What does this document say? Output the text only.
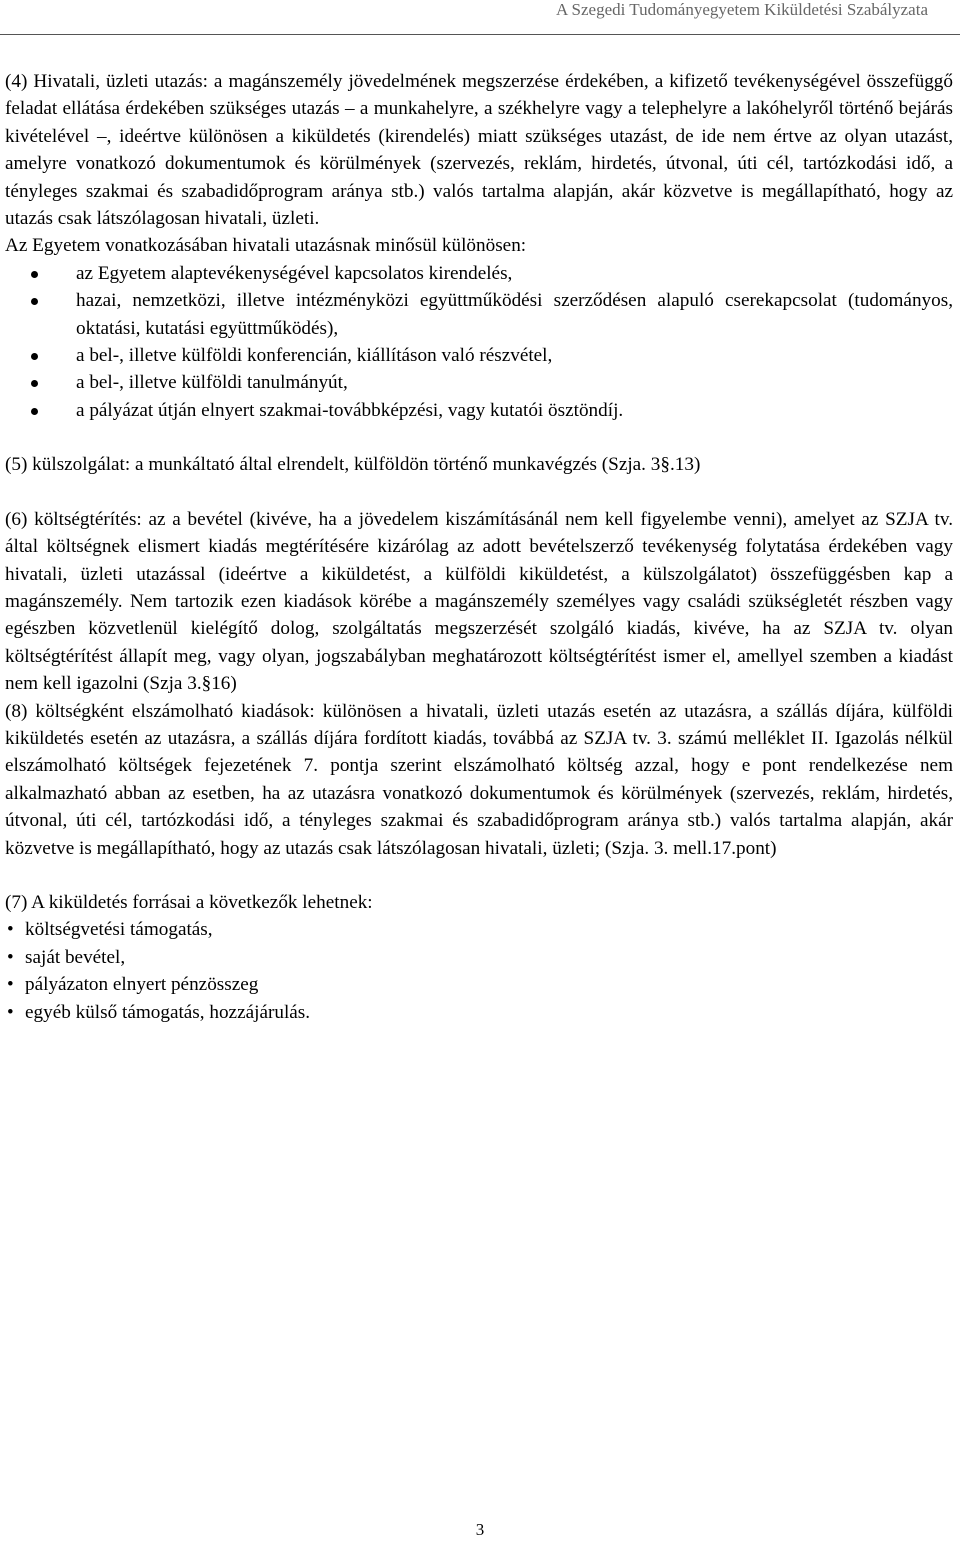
A Szegedi Tudományegyetem Kiküldetési Szabályzata

(4) Hivatali, üzleti utazás: a magánszemély jövedelmének megszerzése érdekében, a kifizető tevékenységével összefüggő feladat ellátása érdekében szükséges utazás – a munkahelyre, a székhelyre vagy a telephelyre a lakóhelyről történő bejárás kivételével –, ideértve különösen a kiküldetés (kirendelés) miatt szükséges utazást, de ide nem értve az olyan utazást, amelyre vonatkozó dokumentumok és körülmények (szervezés, reklám, hirdetés, útvonal, úti cél, tartózkodási idő, a tényleges szakmai és szabadidőprogram aránya stb.) valós tartalma alapján, akár közvetve is megállapítható, hogy az utazás csak látszólagosan hivatali, üzleti.

Az Egyetem vonatkozásában hivatali utazásnak minősül különösen:

az Egyetem alaptevékenységével kapcsolatos kirendelés,
hazai, nemzetközi, illetve intézményközi együttműködési szerződésen alapuló cserekapcsolat (tudományos, oktatási, kutatási együttműködés),
a bel-, illetve külföldi konferencián, kiállításon való részvétel,
a bel-, illetve külföldi tanulmányút,
a pályázat útján elnyert szakmai-továbbképzési, vagy kutatói ösztöndíj.

(5) külszolgálat: a munkáltató által elrendelt, külföldön történő munkavégzés (Szja. 3§.13)

(6) költségtérítés: az a bevétel (kivéve, ha a jövedelem kiszámításánál nem kell figyelembe venni), amelyet az SZJA tv. által költségnek elismert kiadás megtérítésére kizárólag az adott bevételszerző tevékenység folytatása érdekében vagy hivatali, üzleti utazással (ideértve a kiküldetést, a külföldi kiküldetést, a külszolgálatot) összefüggésben kap a magánszemély. Nem tartozik ezen kiadások körébe a magánszemély személyes vagy családi szükségletét részben vagy egészben közvetlenül kielégítő dolog, szolgáltatás megszerzését szolgáló kiadás, kivéve, ha az SZJA tv. olyan költségtérítést állapít meg, vagy olyan, jogszabályban meghatározott költségtérítést ismer el, amellyel szemben a kiadást nem kell igazolni (Szja 3.§16)

(8) költségként elszámolható kiadások: különösen a hivatali, üzleti utazás esetén az utazásra, a szállás díjára, külföldi kiküldetés esetén az utazásra, a szállás díjára fordított kiadás, továbbá az SZJA tv. 3. számú melléklet II. Igazolás nélkül elszámolható költségek fejezetének 7. pontja szerint elszámolható költség azzal, hogy e pont rendelkezése nem alkalmazható abban az esetben, ha az utazásra vonatkozó dokumentumok és körülmények (szervezés, reklám, hirdetés, útvonal, úti cél, tartózkodási idő, a tényleges szakmai és szabadidőprogram aránya stb.) valós tartalma alapján, akár közvetve is megállapítható, hogy az utazás csak látszólagosan hivatali, üzleti; (Szja. 3. mell.17.pont)

(7) A kiküldetés forrásai a következők lehetnek:

• költségvetési támogatás,
• saját bevétel,
• pályázaton elnyert pénzösszeg
• egyéb külső támogatás, hozzájárulás.
3
